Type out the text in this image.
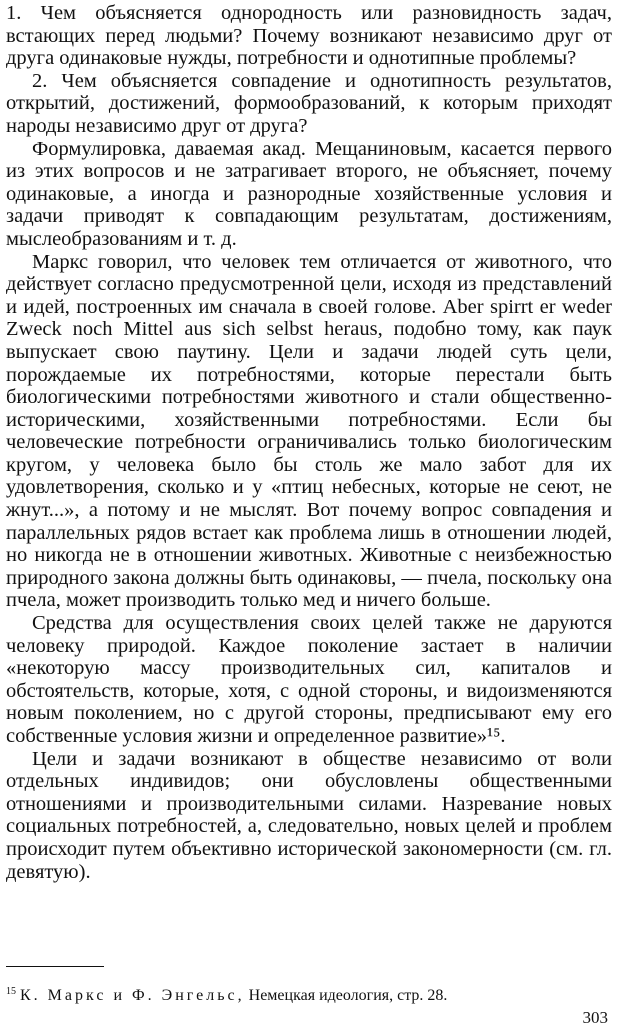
1. Чем объясняется однородность или разновидность задач, встающих перед людьми? Почему возникают независимо друг от друга одинаковые нужды, потребности и однотипные проблемы?

2. Чем объясняется совпадение и однотипность результатов, открытий, достижений, формообразований, к которым приходят народы независимо друг от друга?

Формулировка, даваемая акад. Мещаниновым, касается первого из этих вопросов и не затрагивает второго, не объясняет, почему одинаковые, а иногда и разнородные хозяйственные условия и задачи приводят к совпадающим результатам, достижениям, мыслеобразованиям и т. д.

Маркс говорил, что человек тем отличается от животного, что действует согласно предусмотренной цели, исходя из представлений и идей, построенных им сначала в своей голове. Aber spirrt er weder Zweck noch Mittel aus sich selbst heraus, подобно тому, как паук выпускает свою паутину. Цели и задачи людей суть цели, порождаемые их потребностями, которые перестали быть биологическими потребностями животного и стали общественно-историческими, хозяйственными потребностями. Если бы человеческие потребности ограничивались только биологическим кругом, у человека было бы столь же мало забот для их удовлетворения, сколько и у «птиц небесных, которые не сеют, не жнут...», а потому и не мыслят. Вот почему вопрос совпадения и параллельных рядов встает как проблема лишь в отношении людей, но никогда не в отношении животных. Животные с неизбежностью природного закона должны быть одинаковы, — пчела, поскольку она пчела, может производить только мед и ничего больше.

Средства для осуществления своих целей также не даруются человеку природой. Каждое поколение застает в наличии «некоторую массу производительных сил, капиталов и обстоятельств, которые, хотя, с одной стороны, и видоизменяются новым поколением, но с другой стороны, предписывают ему его собственные условия жизни и определенное развитие»¹⁵.

Цели и задачи возникают в обществе независимо от воли отдельных индивидов; они обусловлены общественными отношениями и производительными силами. Назревание новых социальных потребностей, а, следовательно, новых целей и проблем происходит путем объективно исторической закономерности (см. гл. девятую).

$^{15}$ К. Маркс и Ф. Энгельс, Немецкая идеология, стр. 28.

303
